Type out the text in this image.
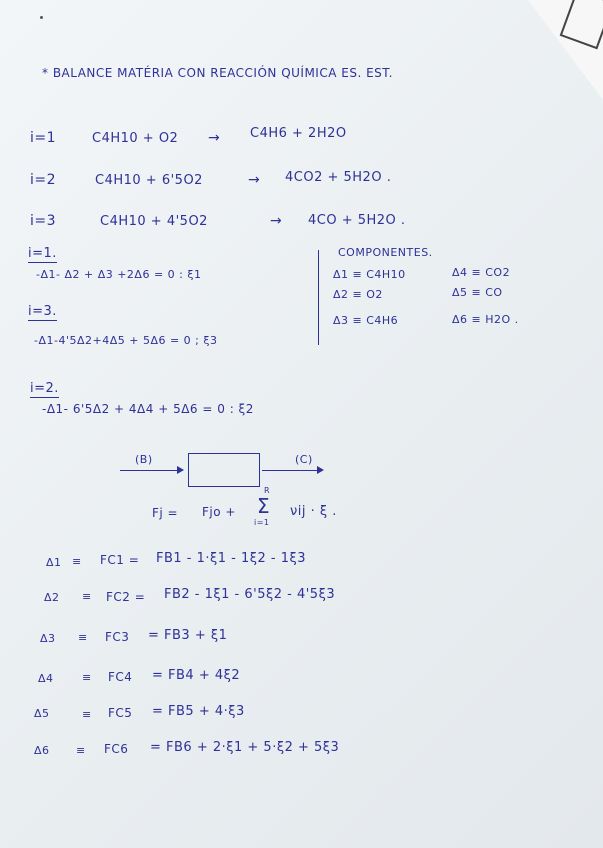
* BALANCE MATÉRIA CON REACCIÓN QUÍMICA ES. EST.
i=1	C4H10 + O2 → C4H6 + 2H2O
i=2	C4H10 + 6'5O2	→ 4CO2 + 5H2O .
i=3	C4H10 + 4'5O2	→ 4CO + 5H2O .
i=1.
-Δ1- Δ2 + Δ3 +2Δ6 = 0 : ξ1
i=3.
-Δ1-4'5Δ2+4Δ5 + 5Δ6 = 0 ; ξ3
COMPONENTES.
Δ1 ≡ C4H10
Δ2 ≡ O2
Δ3 ≡ C4H6
Δ4 ≡ CO2
Δ5 ≡ CO
Δ6 ≡ H2O .
i=2.
-Δ1- 6'5Δ2 + 4Δ4 + 5Δ6 = 0 : ξ2
(B)	(C)
Fj = Fjo +
R
Σ
i=1
νij · ξ .
Δ1 ≡ FC1 = FB1 - 1·ξ1 - 1ξ2 - 1ξ3
Δ2 ≡ FC2 = FB2 - 1ξ1 - 6'5ξ2 - 4'5ξ3
Δ3 ≡ FC3 = FB3 + ξ1
Δ4	≡ FC4 = FB4 + 4ξ2
Δ5	≡ FC5 = FB5 + 4·ξ3
Δ6 ≡ FC6 = FB6 + 2·ξ1 + 5·ξ2 + 5ξ3
